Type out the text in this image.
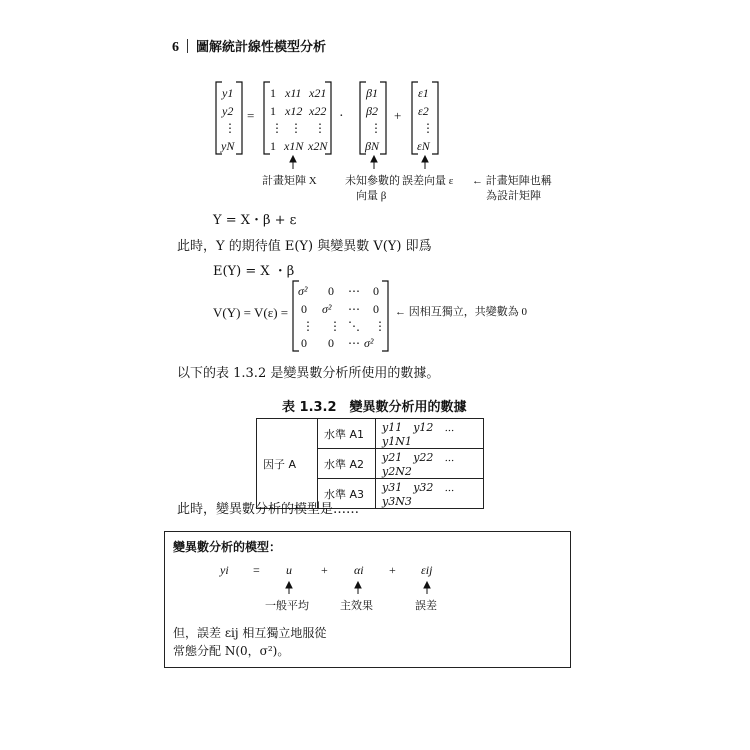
6 圖解統計線性模型分析
y1
y2
⋮
yN
=
1 x11 x21
1 x12 x22
⋮ ⋮ ⋮
1 x1N x2N
·
β1
β2
⋮
βN
+
ε1
ε2
⋮
εN
計畫矩陣 X	未知參數的
向量 β
誤差向量 ε ← 計畫矩陣也稱
為設計矩陣
Y = X・β + ε
此時，Y 的期待值 E(Y) 與變異數 V(Y) 即爲
E(Y) = X ・β
V(Y) = V(ε) =
σ² 0 ⋯ 0
0 σ² ⋯ 0
⋮ ⋮ ⋱ ⋮
0 0 ⋯ σ²
← 因相互獨立，共變數為 0
以下的表 1.3.2 是變異數分析所使用的數據。
表 1.3.2　變異數分析用的數據
因子 A	水準 A1	y11　y12　⋯　y1N1
	水準 A2	y21　y22　⋯　y2N2
	水準 A3	y31　y32　⋯　y3N3
此時，變異數分析的模型是……
變異數分析的模型：
yi = u + αi + εij
一般平均	主效果	誤差
但，誤差 εij 相互獨立地服從
常態分配 N(0，σ²)。
